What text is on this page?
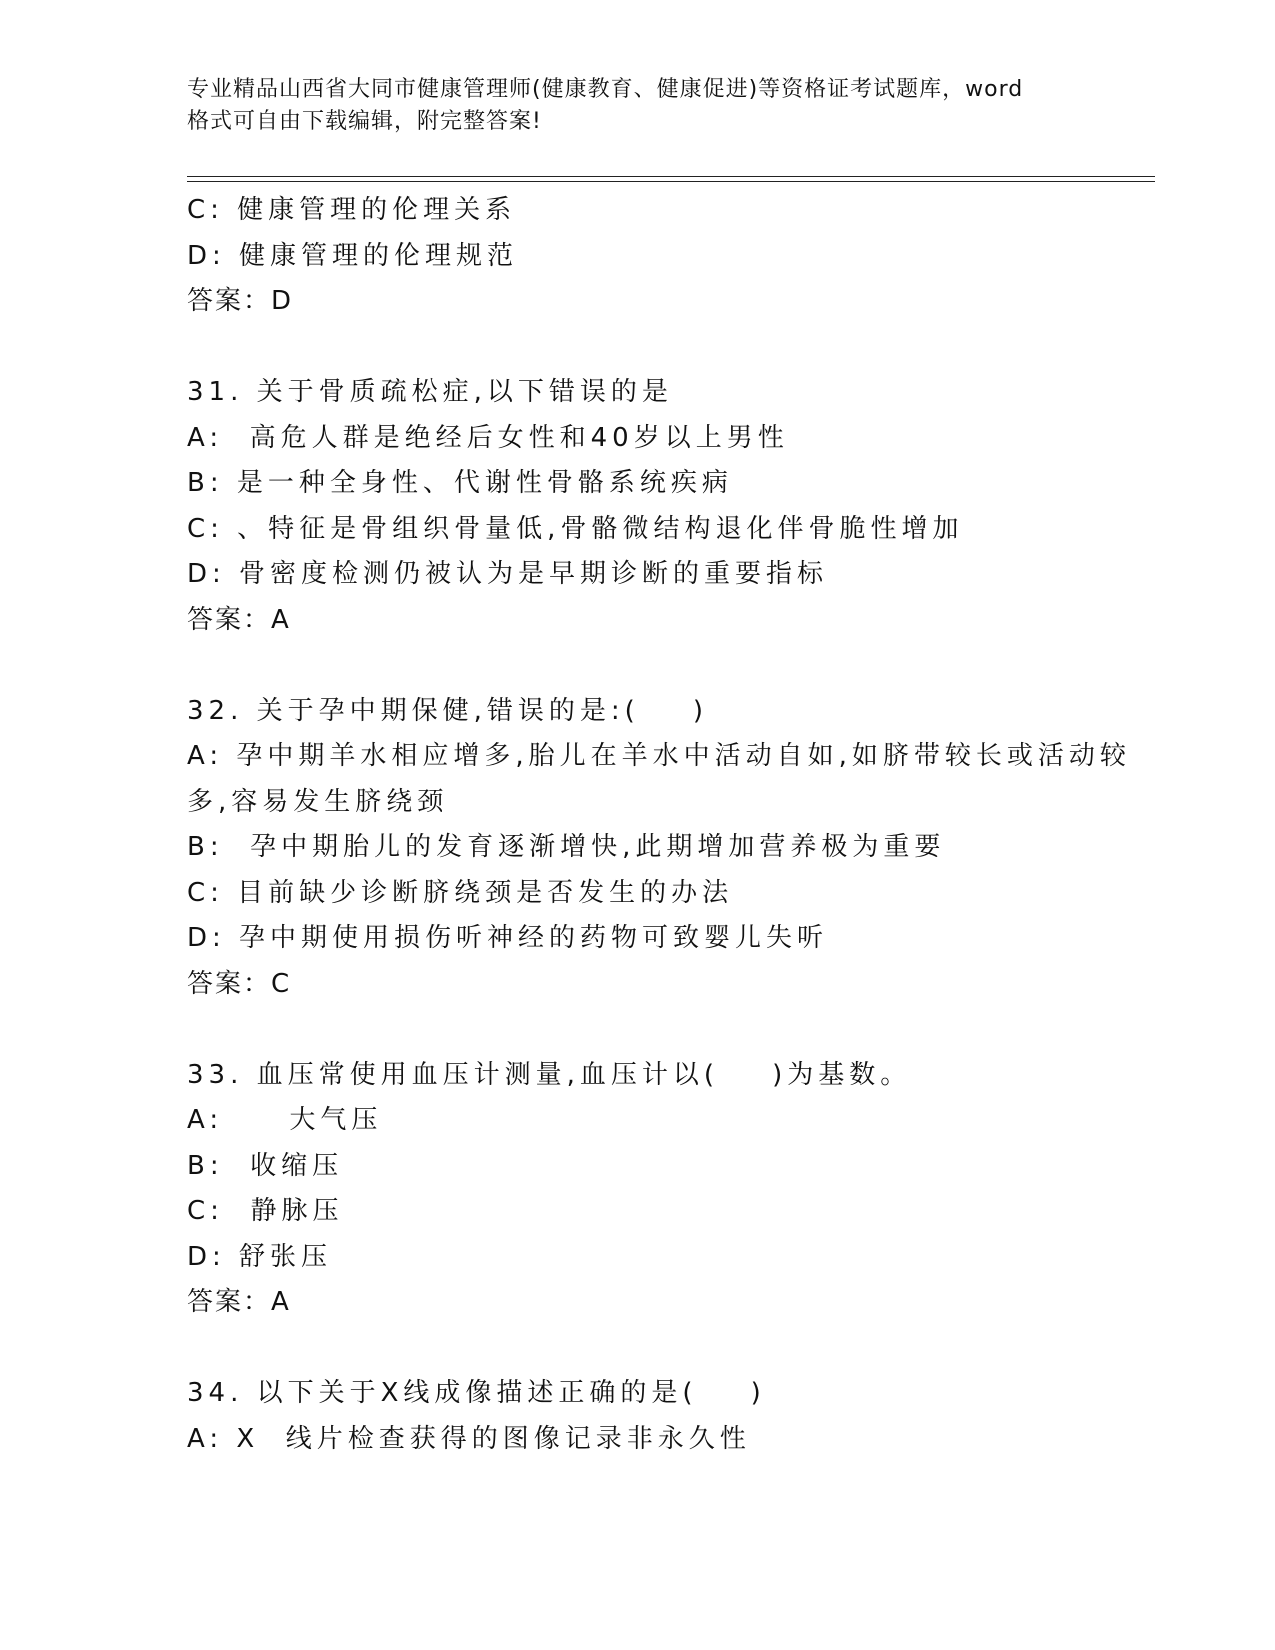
专业精品山西省大同市健康管理师(健康教育、健康促进)等资格证考试题库，word
格式可自由下载编辑，附完整答案!
C: 健康管理的伦理关系
D: 健康管理的伦理规范
答案：D
31. 关于骨质疏松症,以下错误的是
A:  高危人群是绝经后女性和40岁以上男性
B: 是一种全身性、代谢性骨骼系统疾病
C: 、特征是骨组织骨量低,骨骼微结构退化伴骨脆性增加
D: 骨密度检测仍被认为是早期诊断的重要指标
答案：A
32. 关于孕中期保健,错误的是:(    )
A: 孕中期羊水相应增多,胎儿在羊水中活动自如,如脐带较长或活动较
多,容易发生脐绕颈
B:  孕中期胎儿的发育逐渐增快,此期增加营养极为重要
C: 目前缺少诊断脐绕颈是否发生的办法
D: 孕中期使用损伤听神经的药物可致婴儿失听
答案：C
33. 血压常使用血压计测量,血压计以(    )为基数。
A:     大气压
B:  收缩压
C:  静脉压
D: 舒张压
答案：A
34. 以下关于X线成像描述正确的是(    )
A: X  线片检查获得的图像记录非永久性
